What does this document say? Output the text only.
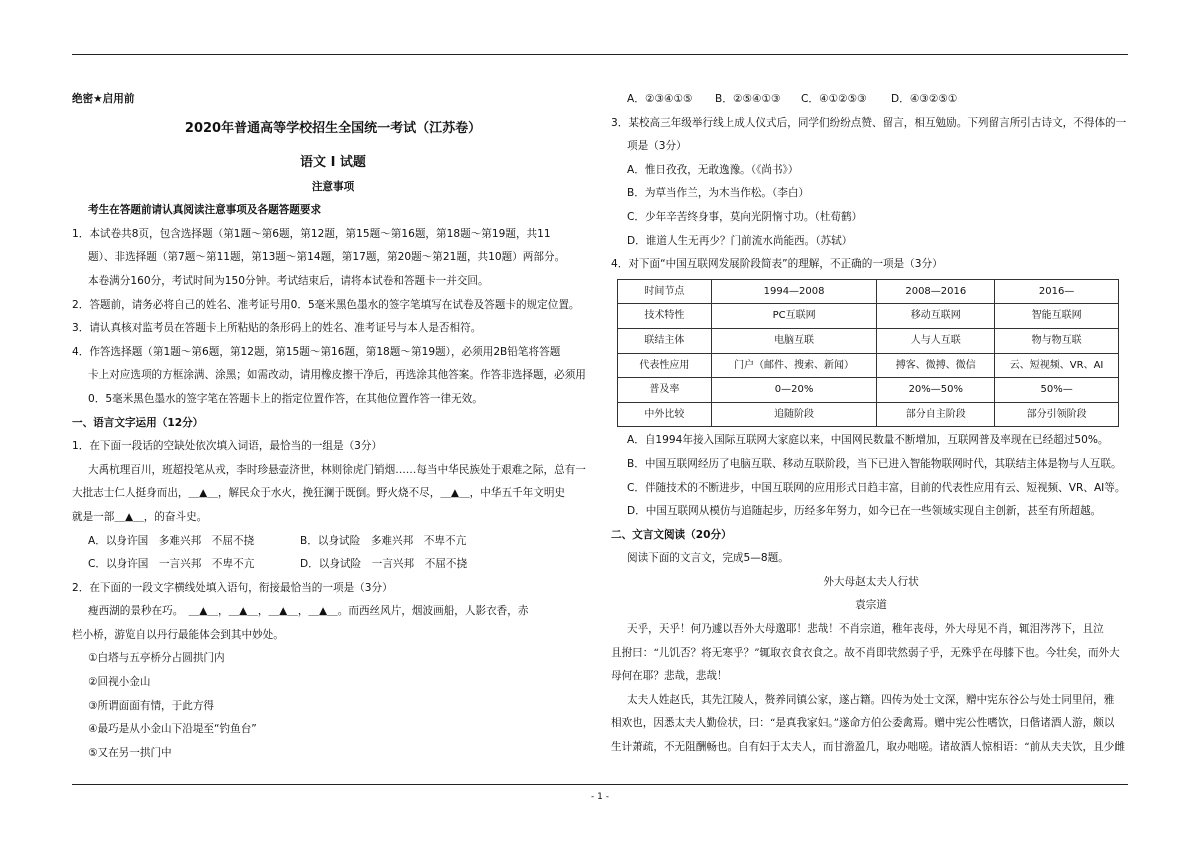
绝密★启用前
2020年普通高等学校招生全国统一考试（江苏卷）
语文 I 试题
注意事项
考生在答题前请认真阅读注意事项及各题答题要求
1．本试卷共8页，包含选择题（第1题～第6题，第12题，第15题～第16题，第18题～第19题，共11
题）、非选择题（第7题～第11题，第13题～第14题，第17题，第20题～第21题，共10题）两部分。
本卷满分160分，考试时间为150分钟。考试结束后，请将本试卷和答题卡一并交回。
2．答题前，请务必将自己的姓名、准考证号用0．5毫米黑色墨水的签字笔填写在试卷及答题卡的规定位置。
3．请认真核对监考员在答题卡上所粘贴的条形码上的姓名、准考证号与本人是否相符。
4．作答选择题（第1题～第6题，第12题，第15题～第16题，第18题～第19题），必须用2B铅笔将答题
卡上对应选项的方框涂满、涂黑；如需改动，请用橡皮擦干净后，再选涂其他答案。作答非选择题，必须用
0．5毫米黑色墨水的签字笔在答题卡上的指定位置作答，在其他位置作答一律无效。
一、语言文字运用（12分）
1．在下面一段话的空缺处依次填入词语，最恰当的一组是（3分）
大禹杭理百川，班超投笔从戎，李时珍悬壶济世，林则徐虎门销烟……每当中华民族处于艰难之际，总有一
大批志士仁人挺身而出，＿▲＿，解民众于水火，挽狂澜于既倒。野火烧不尽，＿▲＿，中华五千年文明史
就是一部＿▲＿，的奋斗史。
A．以身许国　多难兴邦　不屈不挠	B．以身试险　多难兴邦　不卑不亢
C．以身许国　一言兴邦　不卑不亢	D．以身试险　一言兴邦　不屈不挠
2．在下面的一段文字横线处填入语句，衔接最恰当的一项是（3分）
瘦西湖的景秒在巧。　＿▲＿，＿▲＿，＿▲＿，＿▲＿。而西丝风片，烟波画船，人影衣香，赤
栏小桥，游览自以丹行最能体会到其中妙处。
①白塔与五亭桥分占圆拱门内
②回视小金山
③所谓面面有情，于此方得
④最巧是从小金山下沿堤至“钓鱼台”
⑤又在另一拱门中
A．②③④①⑤	B．②⑤④①③	C．④①②⑤③	D．④③②⑤①
3．某校高三年级举行线上成人仪式后，同学们纷纷点赞、留言，相互勉励。下列留言所引古诗文，不得体的一
项是（3分）
A．惟日孜孜，无敢逸豫。（《尚书》）
B．为草当作兰，为木当作松。（李白）
C．少年辛苦终身事，莫向光阴惰寸功。（杜荀鹤）
D．谁道人生无再少？门前流水尚能西。（苏轼）
4．对下面“中国互联网发展阶段简表”的理解，不正确的一项是（3分）
时间节点	1994—2008	2008—2016	2016—
技术特性	PC互联网	移动互联网	智能互联网
联结主体	电脑互联	人与人互联	物与物互联
代表性应用	门户（邮件、搜索、新闻）	搏客、微搏、微信	云、短视频、VR、AI
普及率	0—20%	20%—50%	50%—
中外比较	追随阶段	部分自主阶段	部分引领阶段
A．自1994年接入国际互联网大家庭以来，中国网民数量不断增加，互联网普及率现在已经超过50%。
B．中国互联网经历了电脑互联、移动互联阶段，当下已进入智能物联网时代，其联结主体是物与人互联。
C．伴随技术的不断进步，中国互联网的应用形式日趋丰富，目前的代表性应用有云、短视频、VR、AI等。
D．中国互联网从模仿与追随起步，历经多年努力，如今已在一些领域实现自主创新，甚至有所超越。
二、文言文阅读（20分）
阅读下面的文言文，完成5—8题。
外大母赵太夫人行状
袁宗道
天乎，天乎！何乃遽以吾外大母邈耶！悲哉！不肖宗道，稚年丧母，外大母见不肖，辄泪涔涔下，且泣
且拊曰：“儿饥否？将无寒乎？”辄取衣食衣食之。故不肖即茕然弱子乎，无殊乎在母膝下也。今壮矣，而外大
母何在耶？悲哉，悲哉！
太夫人姓赵氏，其先江陵人，赘养同镇公家，遂占籍。四传为处士文深，赠中宪东谷公与处士同里闬，雅
相欢也，因悉太夫人勤俭状，曰：“是真我家妇。”遂命方伯公委禽焉。赠中宪公性嗜饮，日偕诸酒人游，颇以
生计萧疏，不无阻酬畅也。自有妇于太夫人，而甘澹盈几，取办咄嗟。诸故酒人惊相语：“前从夫夫饮，且少雌
- 1 -
